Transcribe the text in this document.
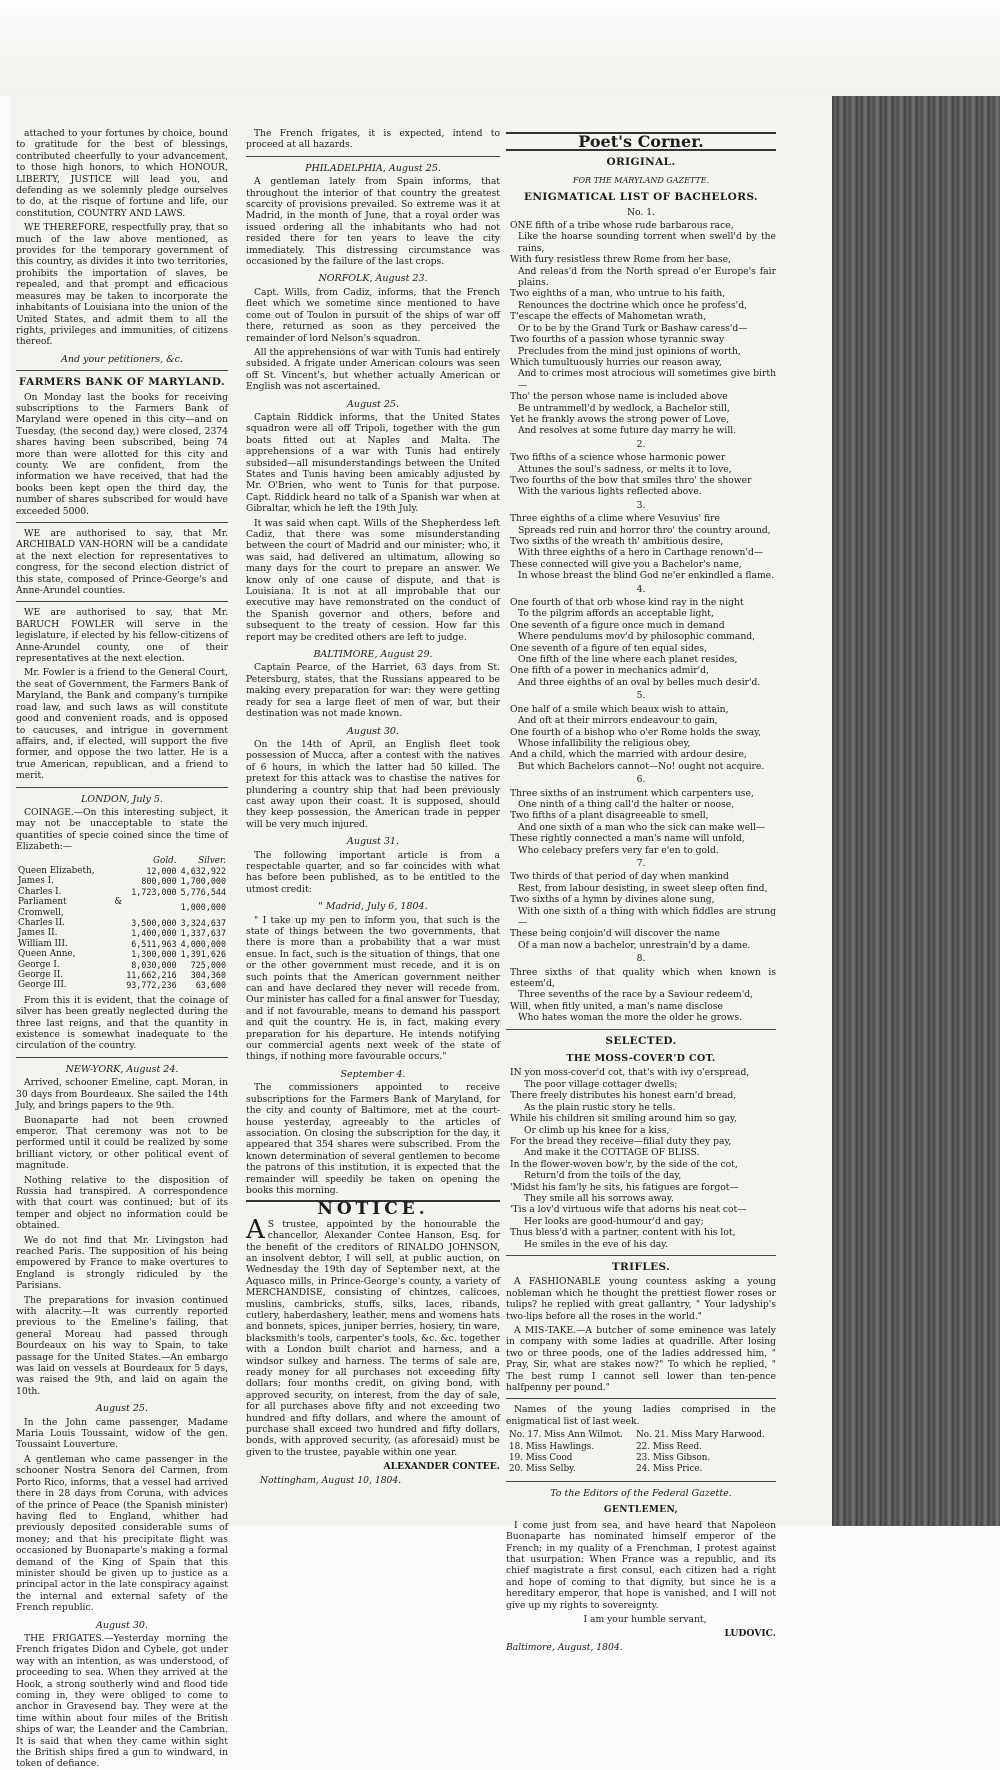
attached to your fortunes by choice, bound to gratitude for the best of blessings, contributed cheerfully to your advancement, to those high honors, to which HONOUR, LIBERTY, JUSTICE will lead you, and defending as we solemnly pledge ourselves to do, at the risque of fortune and life, our constitution, COUNTRY AND LAWS.

WE THEREFORE, respectfully pray, that so much of the law above mentioned, as provides for the temporary government of this country, as divides it into two territories, prohibits the importation of slaves, be repealed, and that prompt and efficacious measures may be taken to incorporate the inhabitants of Louisiana into the union of the United States, and admit them to all the rights, privileges and immunities, of citizens thereof.

And your petitioners, &c.
FARMERS BANK OF MARYLAND.

On Monday last the books for receiving subscriptions to the Farmers Bank of Maryland were opened in this city—and on Tuesday, (the second day,) were closed, 2374 shares having been subscribed, being 74 more than were allotted for this city and county. We are confident, from the information we have received, that had the books been kept open the third day, the number of shares subscribed for would have exceeded 5000.

WE are authorised to say, that Mr. ARCHIBALD VAN-HORN will be a candidate at the next election for representatives to congress, for the second election district of this state, composed of Prince-George's and Anne-Arundel counties.

WE are authorised to say, that Mr. BARUCH FOWLER will serve in the legislature, if elected by his fellow-citizens of Anne-Arundel county, one of their representatives at the next election.

Mr. Fowler is a friend to the General Court, the seat of Government, the Farmers Bank of Maryland, the Bank and company's turnpike road law, and such laws as will constitute good and convenient roads, and is opposed to caucuses, and intrigue in government affairs, and, if elected, will support the five former, and oppose the two latter. He is a true American, republican, and a friend to merit.

LONDON, July 5.

COINAGE.—On this interesting subject, it may not be unacceptable to state the quantities of specie coined since the time of Elizabeth:—

	Gold.	Silver.
Queen Elizabeth,	12,000	4,632,922
James I.	800,000	1,700,000
Charles I.	1,723,000	5,776,544
Parliament & Cromwell,		1,000,000
Charles II.	3,500,000	3,324,637
James II.	1,400,000	1,337,637
William III.	6,511,963	4,000,000
Queen Anne,	1,300,000	1,391,626
George I.	8,030,000	725,000
George II.	11,662,216	304,360
George III.	93,772,236	63,600

From this it is evident, that the coinage of silver has been greatly neglected during the three last reigns, and that the quantity in existence is somewhat inadequate to the circulation of the country.

NEW-YORK, August 24.

Arrived, schooner Emeline, capt. Moran, in 30 days from Bourdeaux. She sailed the 14th July, and brings papers to the 9th.

Buonaparte had not been crowned emperor. That ceremony was not to be performed until it could be realized by some brilliant victory, or other political event of magnitude.

Nothing relative to the disposition of Russia had transpired. A correspondence with that court was continued; but of its temper and object no information could be obtained.

We do not find that Mr. Livingston had reached Paris. The supposition of his being empowered by France to make overtures to England is strongly ridiculed by the Parisians.

The preparations for invasion continued with alacrity.—It was currently reported previous to the Emeline's failing, that general Moreau had passed through Bourdeaux on his way to Spain, to take passage for the United States.—An embargo was laid on vessels at Bourdeaux for 5 days, was raised the 9th, and laid on again the 10th.

August 25.

In the John came passenger, Madame Maria Louis Toussaint, widow of the gen. Toussaint Louverture.

A gentleman who came passenger in the schooner Nostra Senora del Carmen, from Porto Rico, informs, that a vessel had arrived there in 28 days from Coruna, with advices of the prince of Peace (the Spanish minister) having fled to England, whither had previously deposited considerable sums of money; and that his precipitate flight was occasioned by Buonaparte's making a formal demand of the King of Spain that this minister should be given up to justice as a principal actor in the late conspiracy against the internal and external safety of the French republic.

August 30.

THE FRIGATES.—Yesterday morning the French frigates Didon and Cybele, got under way with an intention, as was understood, of proceeding to sea. When they arrived at the Hook, a strong southerly wind and flood tide coming in, they were obliged to come to anchor in Gravesend bay. They were at the time within about four miles of the British ships of war, the Leander and the Cambrian. It is said that when they came within sight the British ships fired a gun to windward, in token of defiance.

The French frigates, it is expected, intend to proceed at all hazards.

PHILADELPHIA, August 25.

A gentleman lately from Spain informs, that throughout the interior of that country the greatest scarcity of provisions prevailed. So extreme was it at Madrid, in the month of June, that a royal order was issued ordering all the inhabitants who had not resided there for ten years to leave the city immediately. This distressing circumstance was occasioned by the failure of the last crops.

NORFOLK, August 23.

Capt. Wills, from Cadiz, informs, that the French fleet which we sometime since mentioned to have come out of Toulon in pursuit of the ships of war off there, returned as soon as they perceived the remainder of lord Nelson's squadron.

All the apprehensions of war with Tunis had entirely subsided. A frigate under American colours was seen off St. Vincent's, but whether actually American or English was not ascertained.

August 25.

Captain Riddick informs, that the United States squadron were all off Tripoli, together with the gun boats fitted out at Naples and Malta. The apprehensions of a war with Tunis had entirely subsided—all misunderstandings between the United States and Tunis having been amicably adjusted by Mr. O'Brien, who went to Tunis for that purpose. Capt. Riddick heard no talk of a Spanish war when at Gibraltar, which he left the 19th July.

It was said when capt. Wills of the Shepherdess left Cadiz, that there was some misunderstanding between the court of Madrid and our minister; who, it was said, had delivered an ultimatum, allowing so many days for the court to prepare an answer. We know only of one cause of dispute, and that is Louisiana. It is not at all improbable that our executive may have remonstrated on the conduct of the Spanish governor and others, before and subsequent to the treaty of cession. How far this report may be credited others are left to judge.

BALTIMORE, August 29.

Captain Pearce, of the Harriet, 63 days from St. Petersburg, states, that the Russians appeared to be making every preparation for war: they were getting ready for sea a large fleet of men of war, but their destination was not made known.

August 30.

On the 14th of April, an English fleet took possession of Mucca, after a contest with the natives of 6 hours, in which the latter had 50 killed. The pretext for this attack was to chastise the natives for plundering a country ship that had been previously cast away upon their coast. It is supposed, should they keep possession, the American trade in pepper will be very much injured.

August 31.

The following important article is from a respectable quarter, and so far coincides with what has before been published, as to be entitled to the utmost credit:

" Madrid, July 6, 1804.

" I take up my pen to inform you, that such is the state of things between the two governments, that there is more than a probability that a war must ensue. In fact, such is the situation of things, that one or the other government must recede, and it is on such points that the American government neither can and have declared they never will recede from. Our minister has called for a final answer for Tuesday, and if not favourable, means to demand his passport and quit the country. He is, in fact, making every preparation for his departure. He intends notifying our commercial agents next week of the state of things, if nothing more favourable occurs."

September 4.

The commissioners appointed to receive subscriptions for the Farmers Bank of Maryland, for the city and county of Baltimore, met at the court-house yesterday, agreeably to the articles of association. On closing the subscription for the day, it appeared that 354 shares were subscribed. From the known determination of several gentlemen to become the patrons of this institution, it is expected that the remainder will speedily be taken on opening the books this morning.

NOTICE.

A S trustee, appointed by the honourable the chancellor, Alexander Contee Hanson, Esq. for the benefit of the creditors of RINALDO JOHNSON, an insolvent debtor, I will sell, at public auction, on Wednesday the 19th day of September next, at the Aquasco mills, in Prince-George's county, a variety of MERCHANDISE, consisting of chintzes, calicoes, muslins, cambricks, stuffs, silks, laces, ribands, cutlery, haberdashery, leather, mens and womens hats and bonnets, spices, juniper berries, hosiery, tin ware, blacksmith's tools, carpenter's tools, &c. &c. together with a London built chariot and harness, and a windsor sulkey and harness. The terms of sale are, ready money for all purchases not exceeding fifty dollars; four months credit, on giving bond, with approved security, on interest, from the day of sale, for all purchases above fifty and not exceeding two hundred and fifty dollars, and where the amount of purchase shall exceed two hundred and fifty dollars, bonds, with approved security, (as aforesaid) must be given to the trustee, payable within one year.

ALEXANDER CONTEE.
Nottingham, August 10, 1804.
Poet's Corner.
ORIGINAL.
FOR THE MARYLAND GAZETTE.
ENIGMATICAL LIST OF BACHELORS.
No. 1.
ONE fifth of a tribe whose rude barbarous race,
Like the hoarse sounding torrent when swell'd by the rains,
With fury resistless threw Rome from her base,
And releas'd from the North spread o'er Europe's fair plains.
Two eighths of a man, who untrue to his faith,
Renounces the doctrine which once he profess'd,
T'escape the effects of Mahometan wrath,
Or to be by the Grand Turk or Bashaw caress'd—
Two fourths of a passion whose tyrannic sway
Precludes from the mind just opinions of worth,
Which tumultuously hurries our reason away,
And to crimes most atrocious will sometimes give birth—
Tho' the person whose name is included above
Be untrammell'd by wedlock, a Bachelor still,
Yet he frankly avows the strong power of Love,
And resolves at some future day marry he will.
2.
Two fifths of a science whose harmonic power
Attunes the soul's sadness, or melts it to love,
Two fourths of the bow that smiles thro' the shower
With the various lights reflected above.
3.
Three eighths of a clime where Vesuvius' fire
Spreads red ruin and horror thro' the country around,
Two sixths of the wreath th' ambitious desire,
With three eighths of a hero in Carthage renown'd—
These connected will give you a Bachelor's name,
In whose breast the blind God ne'er enkindled a flame.
4.
One fourth of that orb whose kind ray in the night
To the pilgrim affords an acceptable light,
One seventh of a figure once much in demand
Where pendulums mov'd by philosophic command,
One seventh of a figure of ten equal sides,
One fifth of the line where each planet resides,
One fifth of a power in mechanics admir'd,
And three eighths of an oval by belles much desir'd.
5.
One half of a smile which beaux wish to attain,
And oft at their mirrors endeavour to gain,
One fourth of a bishop who o'er Rome holds the sway,
Whose infallibility the religious obey,
And a child, which the married with ardour desire,
But which Bachelors cannot—No! ought not acquire.
6.
Three sixths of an instrument which carpenters use,
One ninth of a thing call'd the halter or noose,
Two fifths of a plant disagreeable to smell,
And one sixth of a man who the sick can make well—
These rightly connected a man's name will unfold,
Who celebacy prefers very far e'en to gold.
7.
Two thirds of that period of day when mankind
Rest, from labour desisting, in sweet sleep often find,
Two sixths of a hymn by divines alone sung,
With one sixth of a thing with which fiddles are strung—
These being conjoin'd will discover the name
Of a man now a bachelor, unrestrain'd by a dame.
8.
Three sixths of that quality which when known is esteem'd,
Three sevenths of the race by a Saviour redeem'd,
Will, when fitly united, a man's name disclose
Who hates woman the more the older he grows.
SELECTED.
THE MOSS-COVER'D COT.
IN yon moss-cover'd cot, that's with ivy o'erspread,
The poor village cottager dwells;
There freely distributes his honest earn'd bread,
As the plain rustic story he tells.
While his children sit smiling around him so gay,
Or climb up his knee for a kiss,
For the bread they receive—filial duty they pay,
And make it the COTTAGE OF BLISS.
In the flower-woven bow'r, by the side of the cot,
Return'd from the toils of the day,
'Midst his fam'ly he sits, his fatigues are forgot—
They smile all his sorrows away.
'Tis a lov'd virtuous wife that adorns his neat cot—
Her looks are good-humour'd and gay;
Thus bless'd with a partner, content with his lot,
He smiles in the eve of his day.
TRIFLES.

A FASHIONABLE young countess asking a young nobleman which he thought the prettiest flower roses or tulips? he replied with great gallantry, " Your ladyship's two-lips before all the roses in the world."

A MIS-TAKE.—A butcher of some eminence was lately in company with some ladies at quadrille. After losing two or three poods, one of the ladies addressed him, " Pray, Sir, what are stakes now?" To which he replied, " The best rump I cannot sell lower than ten-pence halfpenny per pound."

Names of the young ladies comprised in the enigmatical list of last week.

No. 17. Miss Ann Wilmot.	No. 21. Miss Mary Harwood.
18. Miss Hawlings.	22. Miss Reed.
19. Miss Cood	23. Miss Gibson.
20. Miss Selby.	24. Miss Price.
To the Editors of the Federal Gazette.
GENTLEMEN,

I come just from sea, and have heard that Napoleon Buonaparte has nominated himself emperor of the French; in my quality of a Frenchman, I protest against that usurpation: When France was a republic, and its chief magistrate a first consul, each citizen had a right and hope of coming to that dignity, but since he is a hereditary emperor, that hope is vanished, and I will not give up my rights to sovereignty.

I am your humble servant,

LUDOVIC.
Baltimore, August, 1804.
